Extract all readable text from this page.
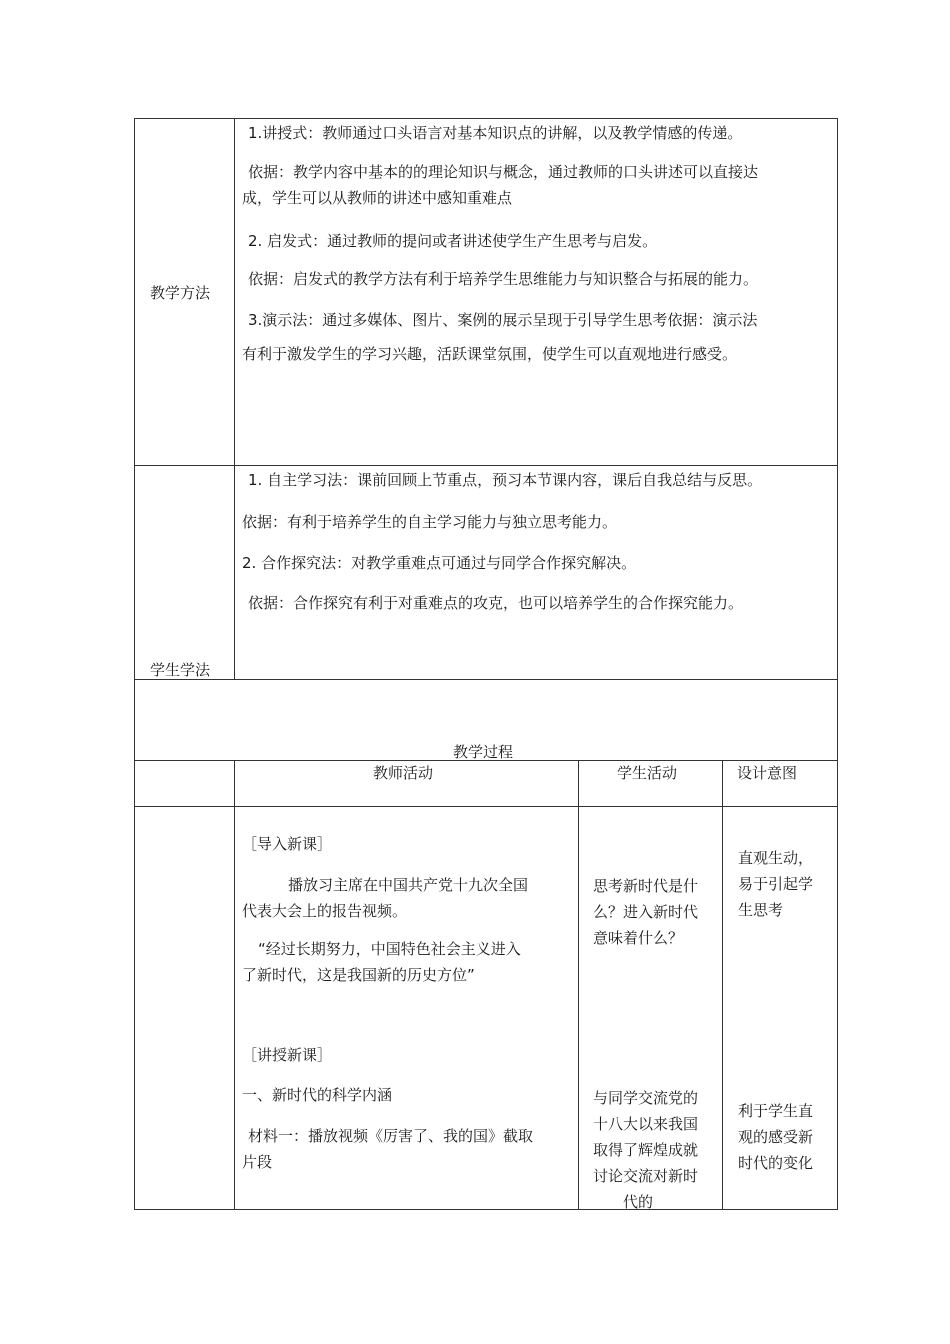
教学方法
1.讲授式：教师通过口头语言对基本知识点的讲解，以及教学情感的传递。
依据：教学内容中基本的的理论知识与概念，通过教师的口头讲述可以直接达
成，学生可以从教师的讲述中感知重难点
2. 启发式：通过教师的提问或者讲述使学生产生思考与启发。
依据：启发式的教学方法有利于培养学生思维能力与知识整合与拓展的能力。
3.演示法：通过多媒体、图片、案例的展示呈现于引导学生思考依据：演示法
有利于激发学生的学习兴趣，活跃课堂氛围，使学生可以直观地进行感受。
学生学法
1. 自主学习法：课前回顾上节重点，预习本节课内容，课后自我总结与反思。
依据：有利于培养学生的自主学习能力与独立思考能力。
2. 合作探究法：对教学重难点可通过与同学合作探究解决。
依据：合作探究有利于对重难点的攻克，也可以培养学生的合作探究能力。
教学过程
教师活动	学生活动	设计意图
［导入新课］
播放习主席在中国共产党十九次全国
代表大会上的报告视频。
“经过长期努力，中国特色社会主义进入
了新时代，这是我国新的历史方位”
［讲授新课］
一、新时代的科学内涵
材料一：播放视频《厉害了、我的国》截取
片段
思考新时代是什
么？进入新时代
意味着什么？
与同学交流党的
十八大以来我国
取得了辉煌成就
讨论交流对新时
代的
直观生动，
易于引起学
生思考
利于学生直
观的感受新
时代的变化
